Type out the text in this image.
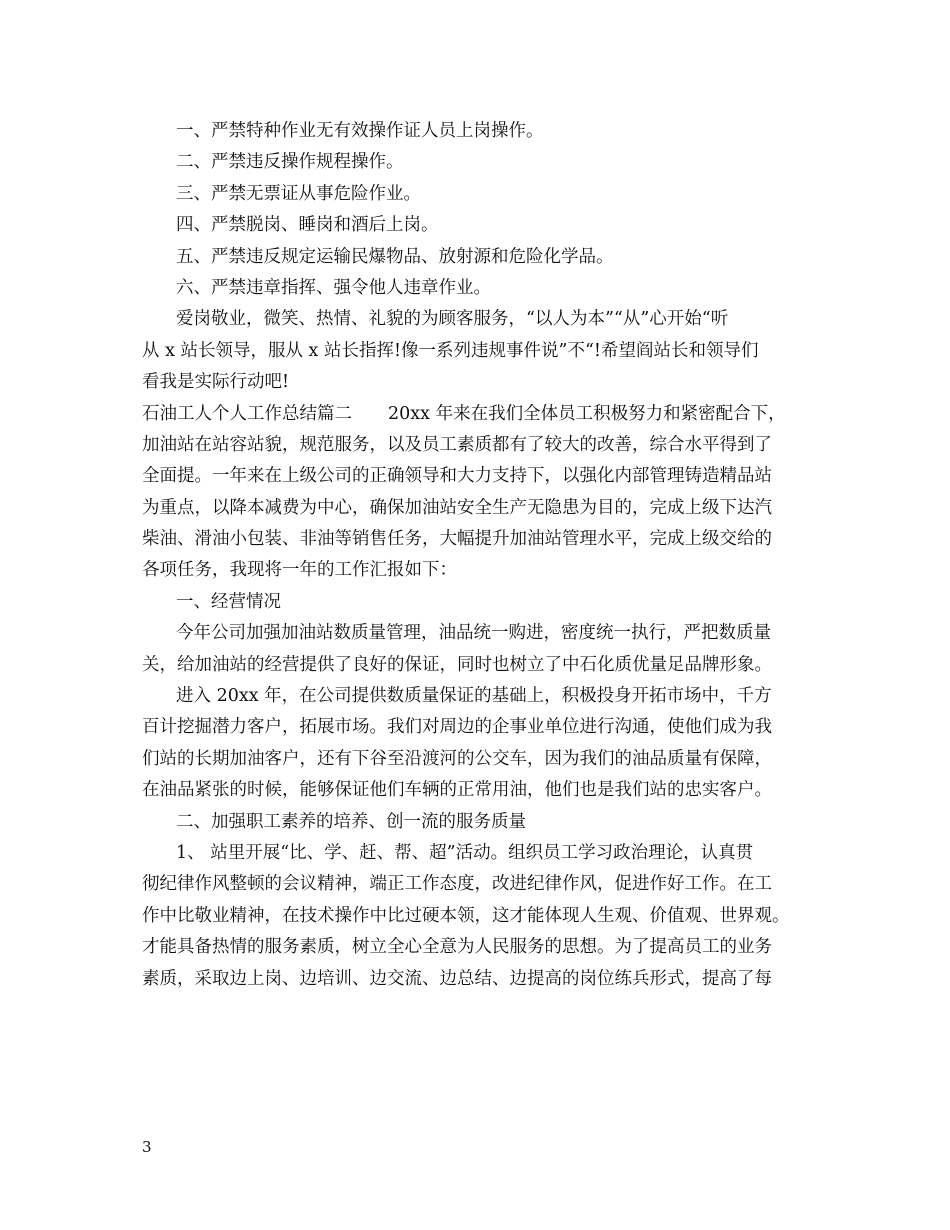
一、严禁特种作业无有效操作证人员上岗操作。
二、严禁违反操作规程操作。
三、严禁无票证从事危险作业。
四、严禁脱岗、睡岗和酒后上岗。
五、严禁违反规定运输民爆物品、放射源和危险化学品。
六、严禁违章指挥、强令他人违章作业。
爱岗敬业，微笑、热情、礼貌的为顾客服务，“以人为本”“从”心开始“听
从 x 站长领导，服从 x 站长指挥!像一系列违规事件说”不“!希望阎站长和领导们
看我是实际行动吧!
石油工人个人工作总结篇二 20xx 年来在我们全体员工积极努力和紧密配合下，
加油站在站容站貌，规范服务，以及员工素质都有了较大的改善，综合水平得到了
全面提。一年来在上级公司的正确领导和大力支持下，以强化内部管理铸造精品站
为重点，以降本减费为中心，确保加油站安全生产无隐患为目的，完成上级下达汽
柴油、滑油小包装、非油等销售任务，大幅提升加油站管理水平，完成上级交给的
各项任务，我现将一年的工作汇报如下：
一、经营情况
今年公司加强加油站数质量管理，油品统一购进，密度统一执行，严把数质量
关，给加油站的经营提供了良好的保证，同时也树立了中石化质优量足品牌形象。
进入 20xx 年，在公司提供数质量保证的基础上，积极投身开拓市场中，千方
百计挖掘潜力客户，拓展市场。我们对周边的企事业单位进行沟通，使他们成为我
们站的长期加油客户，还有下谷至沿渡河的公交车，因为我们的油品质量有保障，
在油品紧张的时候，能够保证他们车辆的正常用油，他们也是我们站的忠实客户。
二、加强职工素养的培养、创一流的服务质量
1、 站里开展“比、学、赶、帮、超”活动。组织员工学习政治理论，认真贯
彻纪律作风整顿的会议精神，端正工作态度，改进纪律作风，促进作好工作。在工
作中比敬业精神，在技术操作中比过硬本领，这才能体现人生观、价值观、世界观。
才能具备热情的服务素质，树立全心全意为人民服务的思想。为了提高员工的业务
素质，采取边上岗、边培训、边交流、边总结、边提高的岗位练兵形式，提高了每
3
